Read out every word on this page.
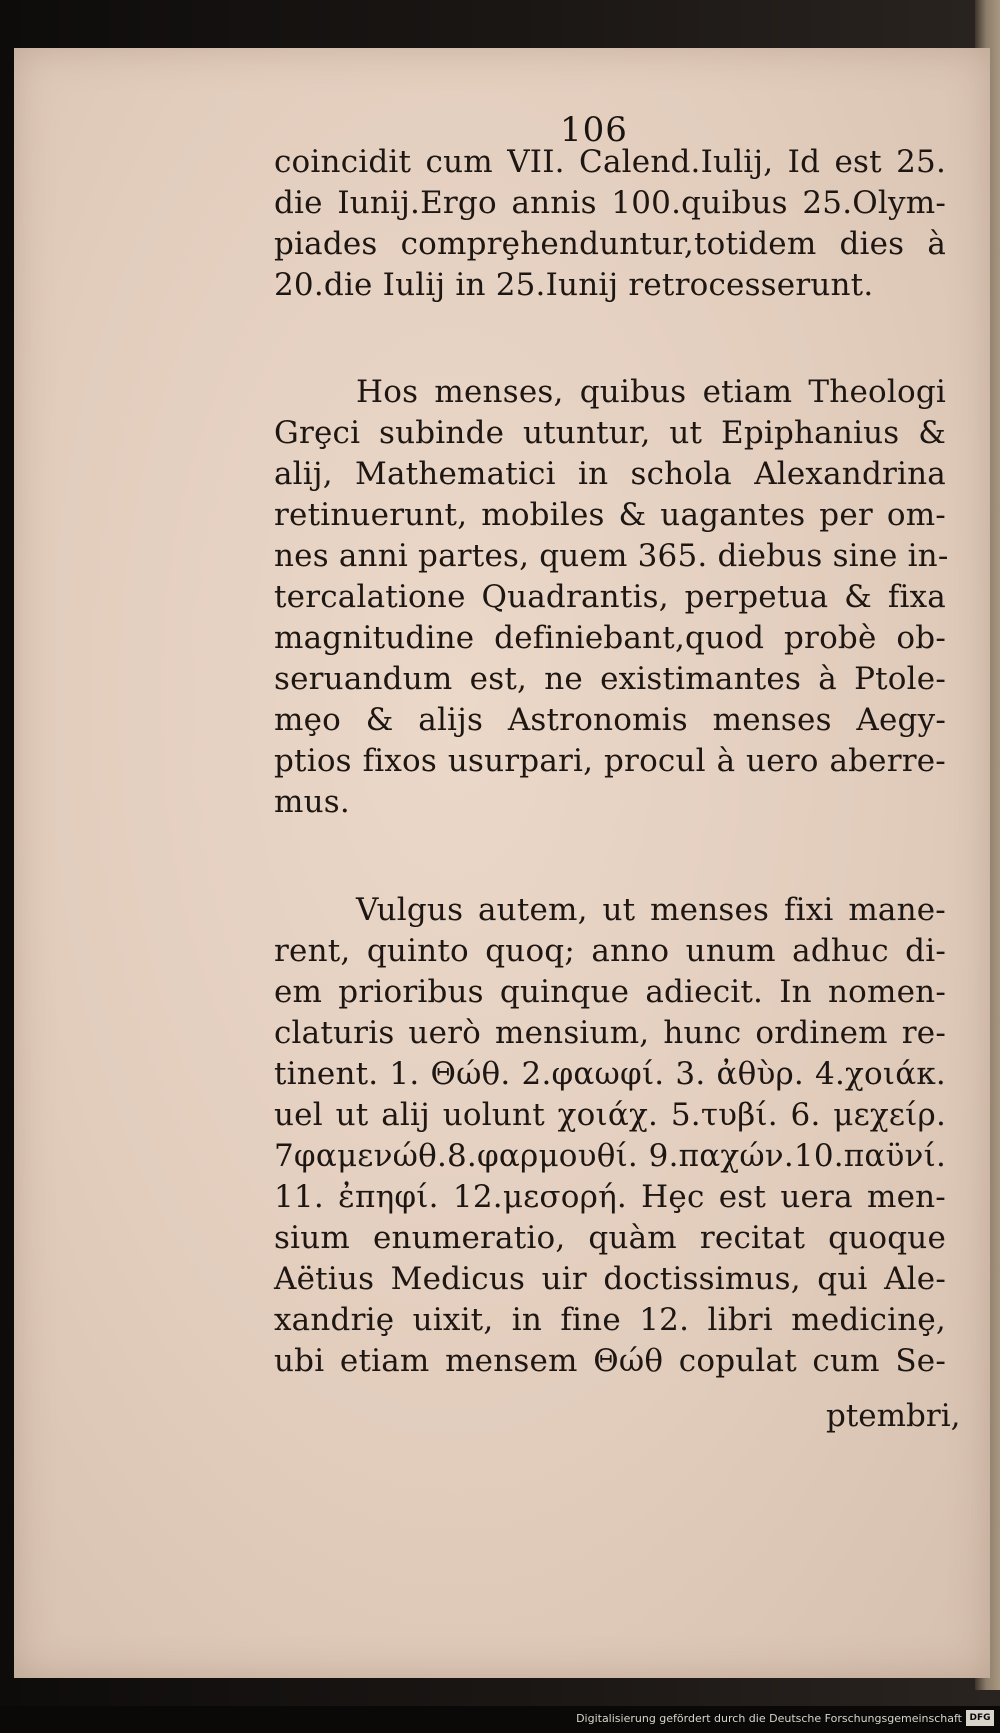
106
coincidit cum VII. Calend.Iulij, Id est 25.
die Iunij.Ergo annis 100.quibus 25.Olym-
piades comprȩhenduntur,totidem dies à
20.die Iulij in 25.Iunij retrocesserunt.
Hos menses, quibus etiam Theologi
Grȩci subinde utuntur, ut Epiphanius &
alij, Mathematici in schola Alexandrina
retinuerunt, mobiles & uagantes per om-
nes anni partes, quem 365. diebus sine in-
tercalatione Quadrantis, perpetua & fixa
magnitudine definiebant,quod probè ob-
seruandum est, ne existimantes à Ptole-
mȩo & alijs Astronomis menses Aegy-
ptios fixos usurpari, procul à uero aberre-
mus.
Vulgus autem, ut menses fixi mane-
rent, quinto quoq; anno unum adhuc di-
em prioribus quinque adiecit. In nomen-
claturis uerò mensium, hunc ordinem re-
tinent. 1. Θώθ. 2.φαωφί. 3. ἀθὺρ. 4.χοιάκ.
uel ut alij uolunt χοιάχ. 5.τυβί. 6. μεχείρ.
7φαμενώθ.8.φαρμουθί. 9.παχών.10.παϋνί.
11. ἐπηφί. 12.μεσορή. Hȩc est uera men-
sium enumeratio, quàm recitat quoque
Aëtius Medicus uir doctissimus, qui Ale-
xandriȩ uixit, in fine 12. libri medicinȩ,
ubi etiam mensem Θώθ copulat cum Se-
ptembri,
Digitalisierung gefördert durch die Deutsche Forschungsgemeinschaft DFG
